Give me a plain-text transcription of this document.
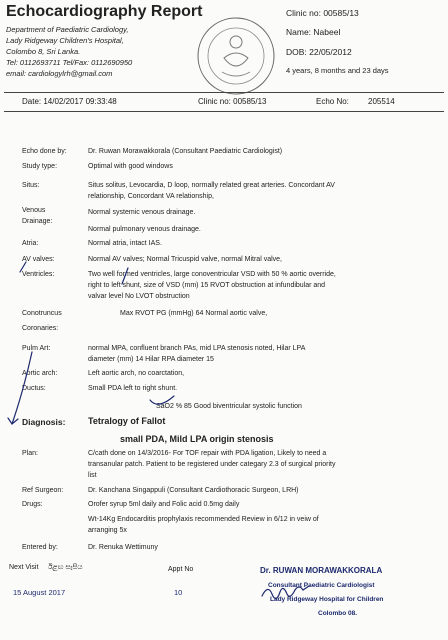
Echocardiography Report
Department of Paediatric Cardiology,
Lady Ridgeway Children's Hospital,
Colombo 8, Sri Lanka.
Tel: 0112693711 Tel/Fax: 0112690950
email: cardiologylrh@gmail.com
Clinic no: 00585/13
Name: Nabeel
DOB: 22/05/2012
4 years, 8 months and 23 days
Date: 14/02/2017 09:33:48	Clinic no: 00585/13	Echo No: 205514
Echo done by:	Dr. Ruwan Morawakkorala (Consultant Paediatric Cardiologist)
Study type:	Optimal with good windows
Situs:	Situs solitus, Levocardia, D loop, normally related great arteries. Concordant AV
relationship, Concordant VA relationship,
Venous
Drainage:
Normal systemic venous drainage.
Normal pulmonary venous drainage.
Atria:	Normal atria, intact IAS.
AV valves:	Normal AV valves; Normal Tricuspid valve, normal Mitral valve,
Ventricles:	Two well formed ventricles, large conoventricular VSD with 50 % aortic override,
right to left shunt, size of VSD (mm) 15 RVOT obstruction at infundibular and
valvar level No LVOT obstruction
Conotruncus	Max RVOT PG (mmHg) 64 Normal aortic valve,
Coronaries:
Pulm Art:	normal MPA, confluent branch PAs, mid LPA stenosis noted, Hilar LPA
diameter (mm) 14 Hilar RPA diameter 15
Aortic arch:	Left aortic arch, no coarctation,
Ductus:	Small PDA left to right shunt.
SaO2 % 85 Good biventricular systolic function
Diagnosis:	Tetralogy of Fallot
small PDA, Mild LPA origin stenosis
Plan:	C/cath done on 14/3/2016- For TOF repair with PDA ligation, Likely to need a
transanular patch. Patient to be registered under categary 2.3 of surgical priority
list
Ref Surgeon:	Dr. Kanchana Singappuli (Consultant Cardiothoracic Surgeon, LRH)
Drugs:	Orofer syrup 5ml daily and Folic acid 0.5mg daily
Wt-14Kg Endocarditis prophylaxis recommended Review in 6/12 in veiw of
arranging 5x
Entered by:	Dr. Renuka Wettimuny
Next Visit ඊළඟ සැසිය
15 August 2017
Appt No
10
Dr. RUWAN MORAWAKKORALA
Consultant Paediatric Cardiologist
Lady Ridgeway Hospital for Children
Colombo 08.
